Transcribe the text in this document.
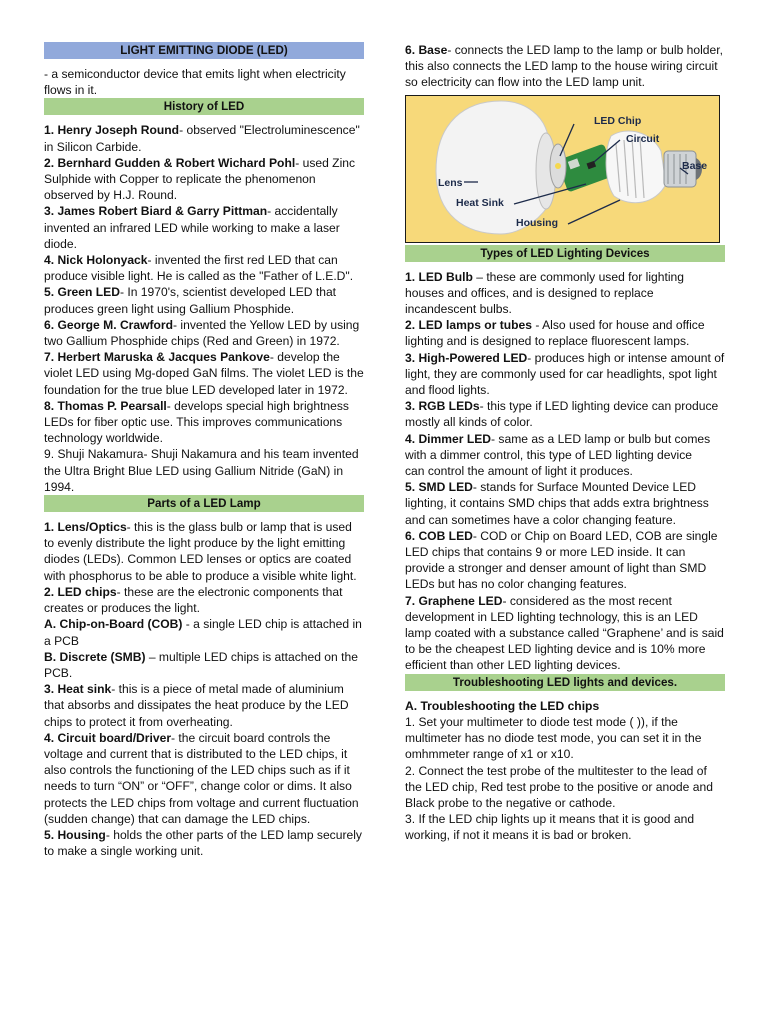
LIGHT EMITTING DIODE (LED)

- a semiconductor device that emits light when electricity flows in it.

History of LED

1. Henry Joseph Round- observed "Electroluminescence" in Silicon Carbide.

2. Bernhard Gudden & Robert Wichard Pohl- used Zinc Sulphide with Copper to replicate the phenomenon observed by H.J. Round.

3. James Robert Biard & Garry Pittman- accidentally invented an infrared LED while working to make a laser diode.

4. Nick Holonyack- invented the first red LED that can produce visible light. He is called as the "Father of L.E.D".

5. Green LED- In 1970's, scientist developed LED that produces green light using Gallium Phosphide.

6. George M. Crawford- invented the Yellow LED by using two Gallium Phosphide chips (Red and Green) in 1972.

7. Herbert Maruska & Jacques Pankove- develop the violet LED using Mg-doped GaN films. The violet LED is the foundation for the true blue LED developed later in 1972.

8. Thomas P. Pearsall- develops special high brightness LEDs for fiber optic use. This improves communications technology worldwide.

9. Shuji Nakamura- Shuji Nakamura and his team invented the Ultra Bright Blue LED using Gallium Nitride (GaN) in 1994.

Parts of a LED Lamp

1. Lens/Optics- this is the glass bulb or lamp that is used to evenly distribute the light produce by the light emitting diodes (LEDs). Common LED lenses or optics are coated with phosphorus to be able to produce a visible white light.

2. LED chips- these are the electronic components that creates or produces the light.

A. Chip-on-Board (COB) - a single LED chip is attached in a PCB

B. Discrete (SMB) – multiple LED chips is attached on the PCB.

3. Heat sink- this is a piece of metal made of aluminium that absorbs and dissipates the heat produce by the LED chips to protect it from overheating.

4. Circuit board/Driver- the circuit board controls the voltage and current that is distributed to the LED chips, it also controls the functioning of the LED chips such as if it needs to turn “ON” or “OFF”, change color or dims. It also protects the LED chips from voltage and current fluctuation (sudden change) that can damage the LED chips.

5. Housing- holds the other parts of the LED lamp securely to make a single working unit.

6. Base- connects the LED lamp to the lamp or bulb holder, this also connects the LED lamp to the house wiring circuit so electricity can flow into the LED lamp unit.

LED Chip
Circuit
Base
Lens
Heat Sink
Housing
Types of LED Lighting Devices

1. LED Bulb – these are commonly used for lighting houses and offices, and is designed to replace incandescent bulbs.

2. LED lamps or tubes - Also used for house and office lighting and is designed to replace fluorescent lamps.

3. High-Powered LED- produces high or intense amount of light, they are commonly used for car headlights, spot light and flood lights.

3. RGB LEDs- this type if LED lighting device can produce mostly all kinds of color.

4. Dimmer LED- same as a LED lamp or bulb but comes with a dimmer control, this type of LED lighting device

can control the amount of light it produces.

5. SMD LED- stands for Surface Mounted Device LED lighting, it contains SMD chips that adds extra brightness and can sometimes have a color changing feature.

6. COB LED- COD or Chip on Board LED, COB are single LED chips that contains 9 or more LED inside. It can provide a stronger and denser amount of light than SMD LEDs but has no color changing features.

7. Graphene LED- considered as the most recent development in LED lighting technology, this is an LED lamp coated with a substance called “Graphene’ and is said to be the cheapest LED lighting device and is 10% more efficient than other LED lighting devices.

Troubleshooting LED lights and devices.

A. Troubleshooting the LED chips

1. Set your multimeter to diode test mode ( )), if the multimeter has no diode test mode, you can set it in the omhmmeter range of x1 or x10.

2. Connect the test probe of the multitester to the lead of the LED chip, Red test probe to the positive or anode and Black probe to the negative or cathode.

3. If the LED chip lights up it means that it is good and working, if not it means it is bad or broken.
